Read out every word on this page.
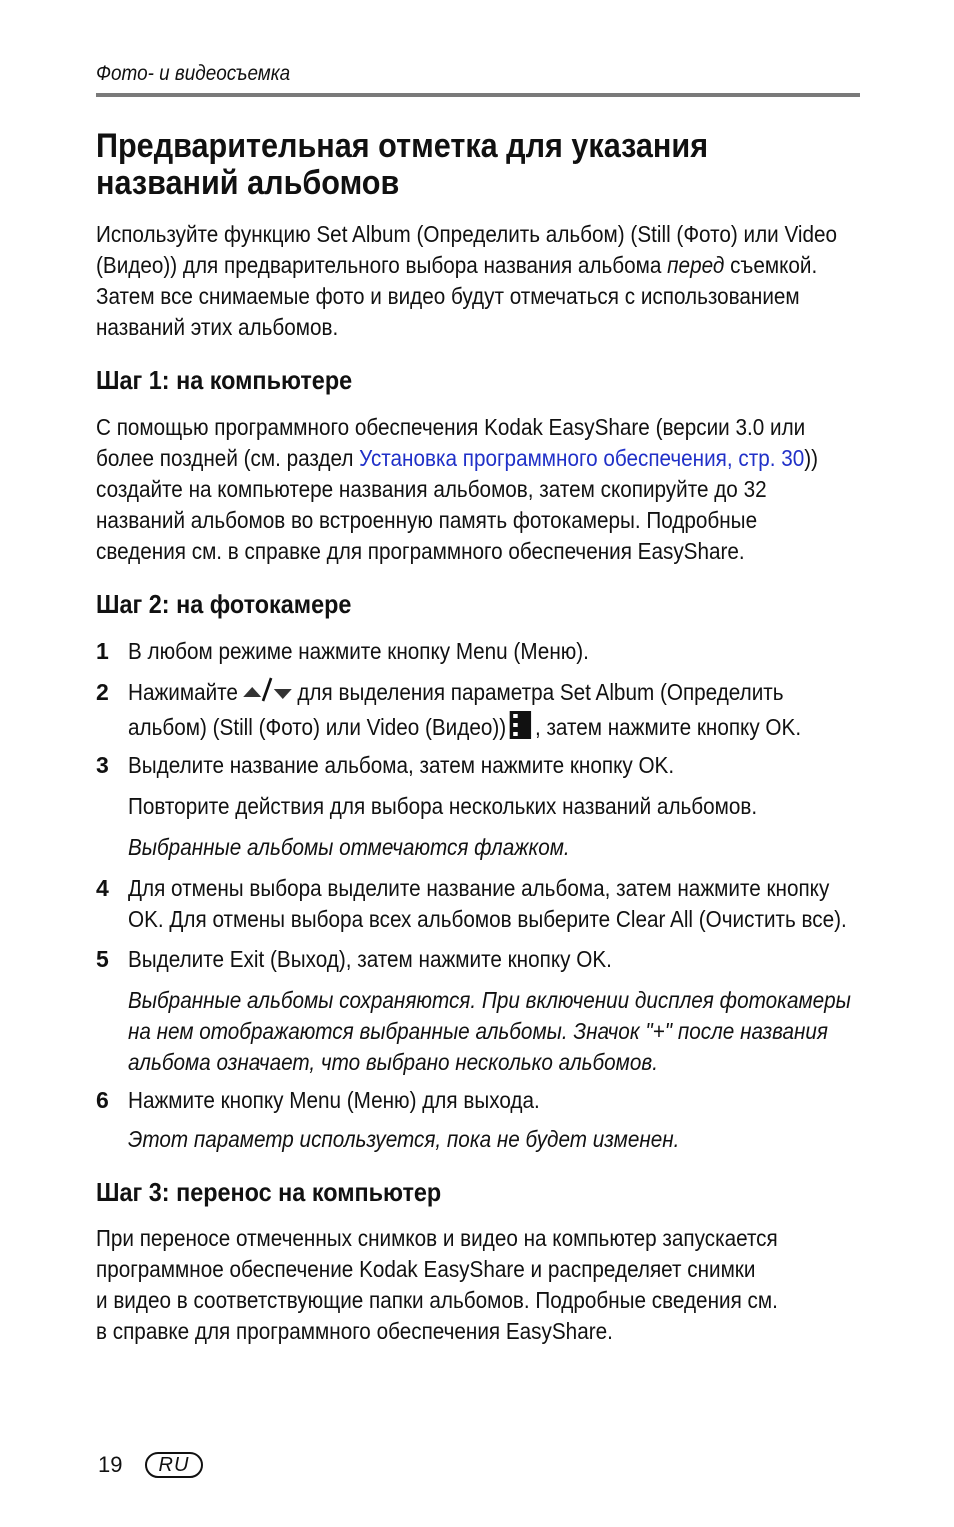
Фото- и видеосъемка
Предварительная отметка для указания
названий альбомов
Используйте функцию Set Album (Определить альбом) (Still (Фото) или Video
(Видео)) для предварительного выбора названия альбома перед съемкой.
Затем все снимаемые фото и видео будут отмечаться с использованием
названий этих альбомов.
Шаг 1: на компьютере
С помощью программного обеспечения Kodak EasyShare (версии 3.0 или
более поздней (см. раздел Установка программного обеспечения, стр. 30))
создайте на компьютере названия альбомов, затем скопируйте до 32
названий альбомов во встроенную память фотокамеры. Подробные
сведения см. в справке для программного обеспечения EasyShare.
Шаг 2: на фотокамере
1 В любом режиме нажмите кнопку Menu (Меню).
2 Нажимайте	для выделения параметра Set Album (Определить
альбом) (Still (Фото) или Video (Видео)) , затем нажмите кнопку OK.
3 Выделите название альбома, затем нажмите кнопку OK.
Повторите действия для выбора нескольких названий альбомов.
Выбранные альбомы отмечаются флажком.
4 Для отмены выбора выделите название альбома, затем нажмите кнопку
OK. Для отмены выбора всех альбомов выберите Clear All (Очистить все).
5 Выделите Exit (Выход), затем нажмите кнопку OK.
Выбранные альбомы сохраняются. При включении дисплея фотокамеры
на нем отображаются выбранные альбомы. Значок "+" после названия
альбома означает, что выбрано несколько альбомов.
6 Нажмите кнопку Menu (Меню) для выхода.
Этот параметр используется, пока не будет изменен.
Шаг 3: перенос на компьютер
При переносе отмеченных снимков и видео на компьютер запускается
программное обеспечение Kodak EasyShare и распределяет снимки
и видео в соответствующие папки альбомов. Подробные сведения см.
в справке для программного обеспечения EasyShare.
19	RU
